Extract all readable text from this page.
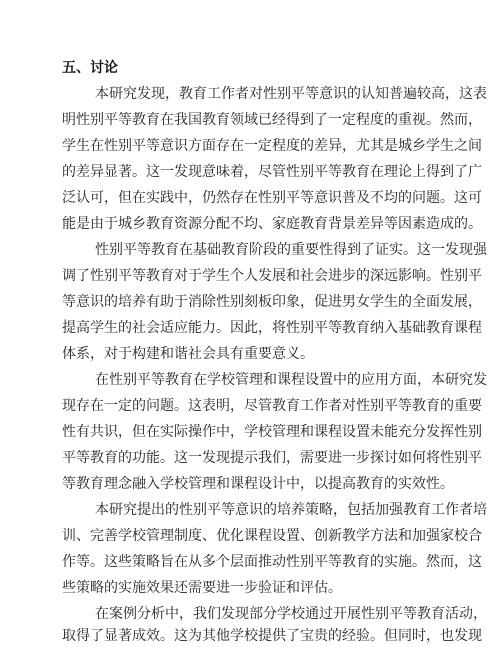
五、讨论
本研究发现，教育工作者对性别平等意识的认知普遍较高，这表
明性别平等教育在我国教育领域已经得到了一定程度的重视。然而，
学生在性别平等意识方面存在一定程度的差异，尤其是城乡学生之间
的差异显著。这一发现意味着，尽管性别平等教育在理论上得到了广
泛认可，但在实践中，仍然存在性别平等意识普及不均的问题。这可
能是由于城乡教育资源分配不均、家庭教育背景差异等因素造成的。
性别平等教育在基础教育阶段的重要性得到了证实。这一发现强
调了性别平等教育对于学生个人发展和社会进步的深远影响。性别平
等意识的培养有助于消除性别刻板印象，促进男女学生的全面发展，
提高学生的社会适应能力。因此，将性别平等教育纳入基础教育课程
体系，对于构建和谐社会具有重要意义。
在性别平等教育在学校管理和课程设置中的应用方面，本研究发
现存在一定的问题。这表明，尽管教育工作者对性别平等教育的重要
性有共识，但在实际操作中，学校管理和课程设置未能充分发挥性别
平等教育的功能。这一发现提示我们，需要进一步探讨如何将性别平
等教育理念融入学校管理和课程设计中，以提高教育的实效性。
本研究提出的性别平等意识的培养策略，包括加强教育工作者培
训、完善学校管理制度、优化课程设置、创新教学方法和加强家校合
作等。这些策略旨在从多个层面推动性别平等教育的实施。然而，这
些策略的实施效果还需要进一步验证和评估。
在案例分析中，我们发现部分学校通过开展性别平等教育活动，
取得了显著成效。这为其他学校提供了宝贵的经验。但同时，也发现
